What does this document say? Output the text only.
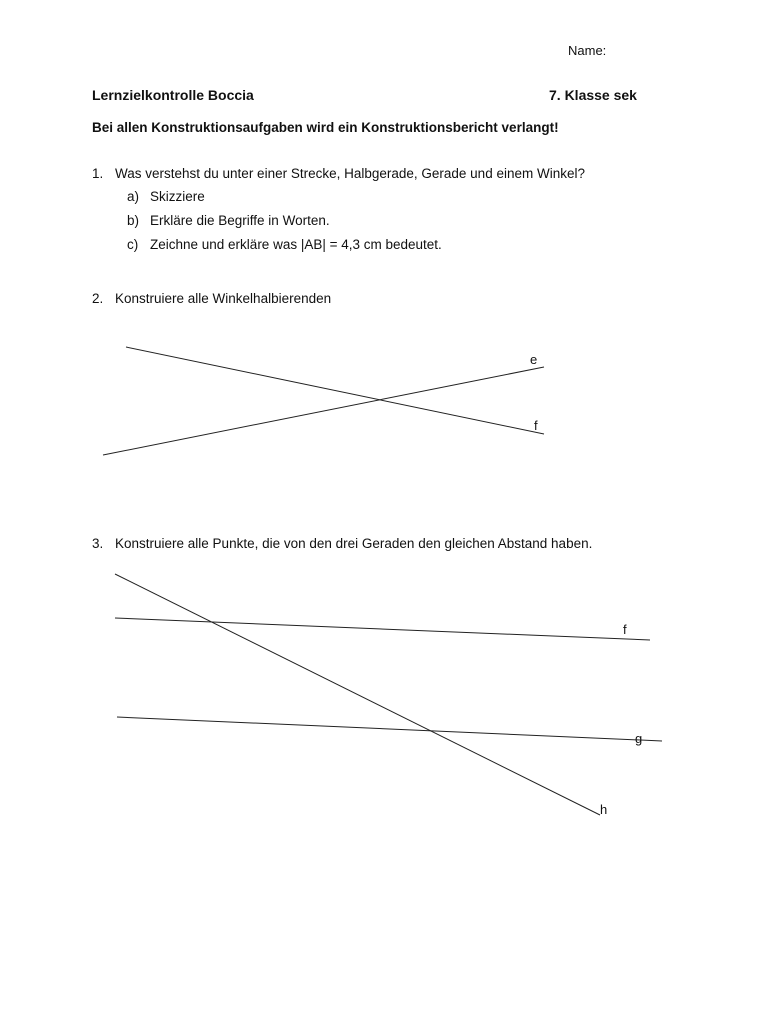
Name:
Lernzielkontrolle Boccia	7. Klasse sek
Bei allen Konstruktionsaufgaben wird ein Konstruktionsbericht verlangt!
1. Was verstehst du unter einer Strecke, Halbgerade, Gerade und einem Winkel?
a) Skizziere
b) Erkläre die Begriffe in Worten.
c) Zeichne und erkläre was |AB| = 4,3 cm bedeutet.
2. Konstruiere alle Winkelhalbierenden
3. Konstruiere alle Punkte, die von den drei Geraden den gleichen Abstand haben.
e
f
f
g
h
